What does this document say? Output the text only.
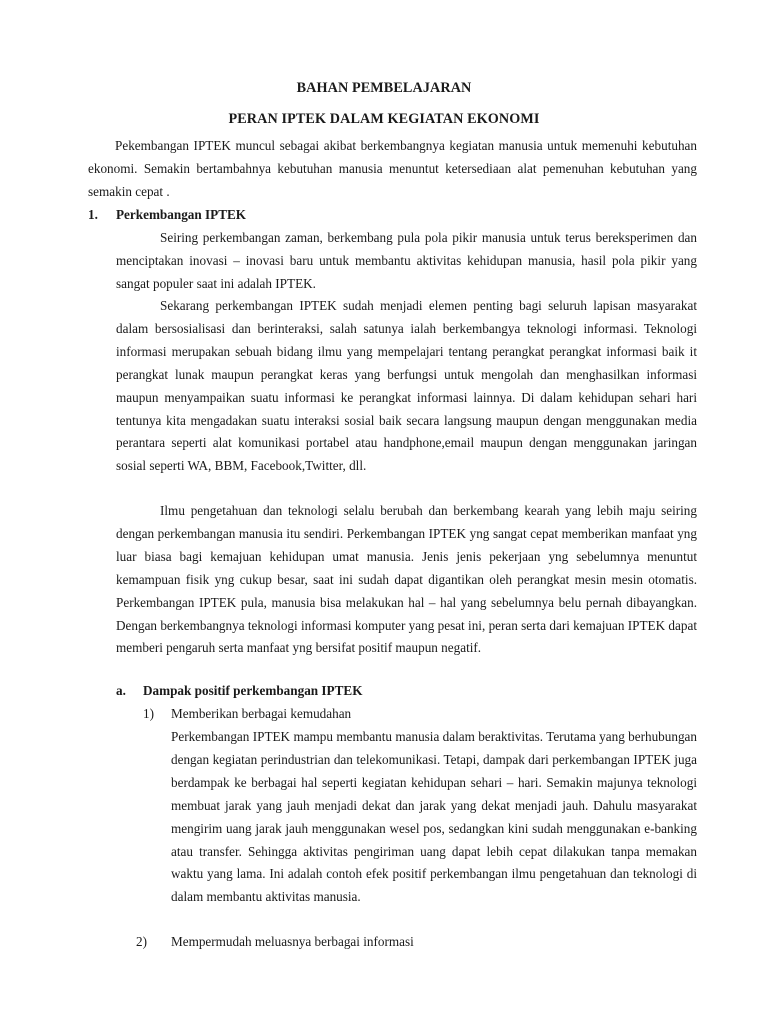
BAHAN PEMBELAJARAN
PERAN IPTEK DALAM KEGIATAN EKONOMI
Pekembangan IPTEK muncul sebagai akibat berkembangnya kegiatan manusia untuk memenuhi kebutuhan ekonomi. Semakin bertambahnya kebutuhan manusia menuntut ketersediaan alat pemenuhan kebutuhan yang semakin cepat .
1. Perkembangan IPTEK
Seiring perkembangan zaman, berkembang pula pola pikir manusia untuk terus bereksperimen dan menciptakan inovasi – inovasi baru untuk membantu aktivitas kehidupan manusia, hasil pola pikir yang sangat populer saat ini adalah IPTEK.
Sekarang perkembangan IPTEK sudah menjadi elemen penting bagi seluruh lapisan masyarakat dalam bersosialisasi dan berinteraksi, salah satunya ialah berkembangya teknologi informasi. Teknologi informasi merupakan sebuah bidang ilmu yang mempelajari tentang perangkat perangkat informasi baik it perangkat lunak maupun perangkat keras yang berfungsi untuk mengolah dan menghasilkan informasi maupun menyampaikan suatu informasi ke perangkat informasi lainnya. Di dalam kehidupan sehari hari tentunya kita mengadakan suatu interaksi sosial baik secara langsung maupun dengan menggunakan media perantara seperti alat komunikasi portabel atau handphone,email maupun dengan menggunakan jaringan sosial seperti WA, BBM, Facebook,Twitter, dll.
Ilmu pengetahuan dan teknologi selalu berubah dan berkembang kearah yang lebih maju seiring dengan perkembangan manusia itu sendiri. Perkembangan IPTEK yng sangat cepat memberikan manfaat yng luar biasa bagi kemajuan kehidupan umat manusia. Jenis jenis pekerjaan yng sebelumnya menuntut kemampuan fisik yng cukup besar, saat ini sudah dapat digantikan oleh perangkat mesin mesin otomatis. Perkembangan IPTEK pula, manusia bisa melakukan hal – hal yang sebelumnya belu pernah dibayangkan. Dengan berkembangnya teknologi informasi komputer yang pesat ini, peran serta dari kemajuan IPTEK dapat memberi pengaruh serta manfaat yng bersifat positif maupun negatif.
a. Dampak positif perkembangan IPTEK
1) Memberikan berbagai kemudahan
Perkembangan IPTEK mampu membantu manusia dalam beraktivitas. Terutama yang berhubungan dengan kegiatan perindustrian dan telekomunikasi. Tetapi, dampak dari perkembangan IPTEK juga berdampak ke berbagai hal seperti kegiatan kehidupan sehari – hari. Semakin majunya teknologi membuat jarak yang jauh menjadi dekat dan jarak yang dekat menjadi jauh. Dahulu masyarakat mengirim uang jarak jauh menggunakan wesel pos, sedangkan kini sudah menggunakan e-banking atau transfer. Sehingga aktivitas pengiriman uang dapat lebih cepat dilakukan tanpa memakan waktu yang lama. Ini adalah contoh efek positif perkembangan ilmu pengetahuan dan teknologi di dalam membantu aktivitas manusia.
2) Mempermudah meluasnya berbagai informasi
